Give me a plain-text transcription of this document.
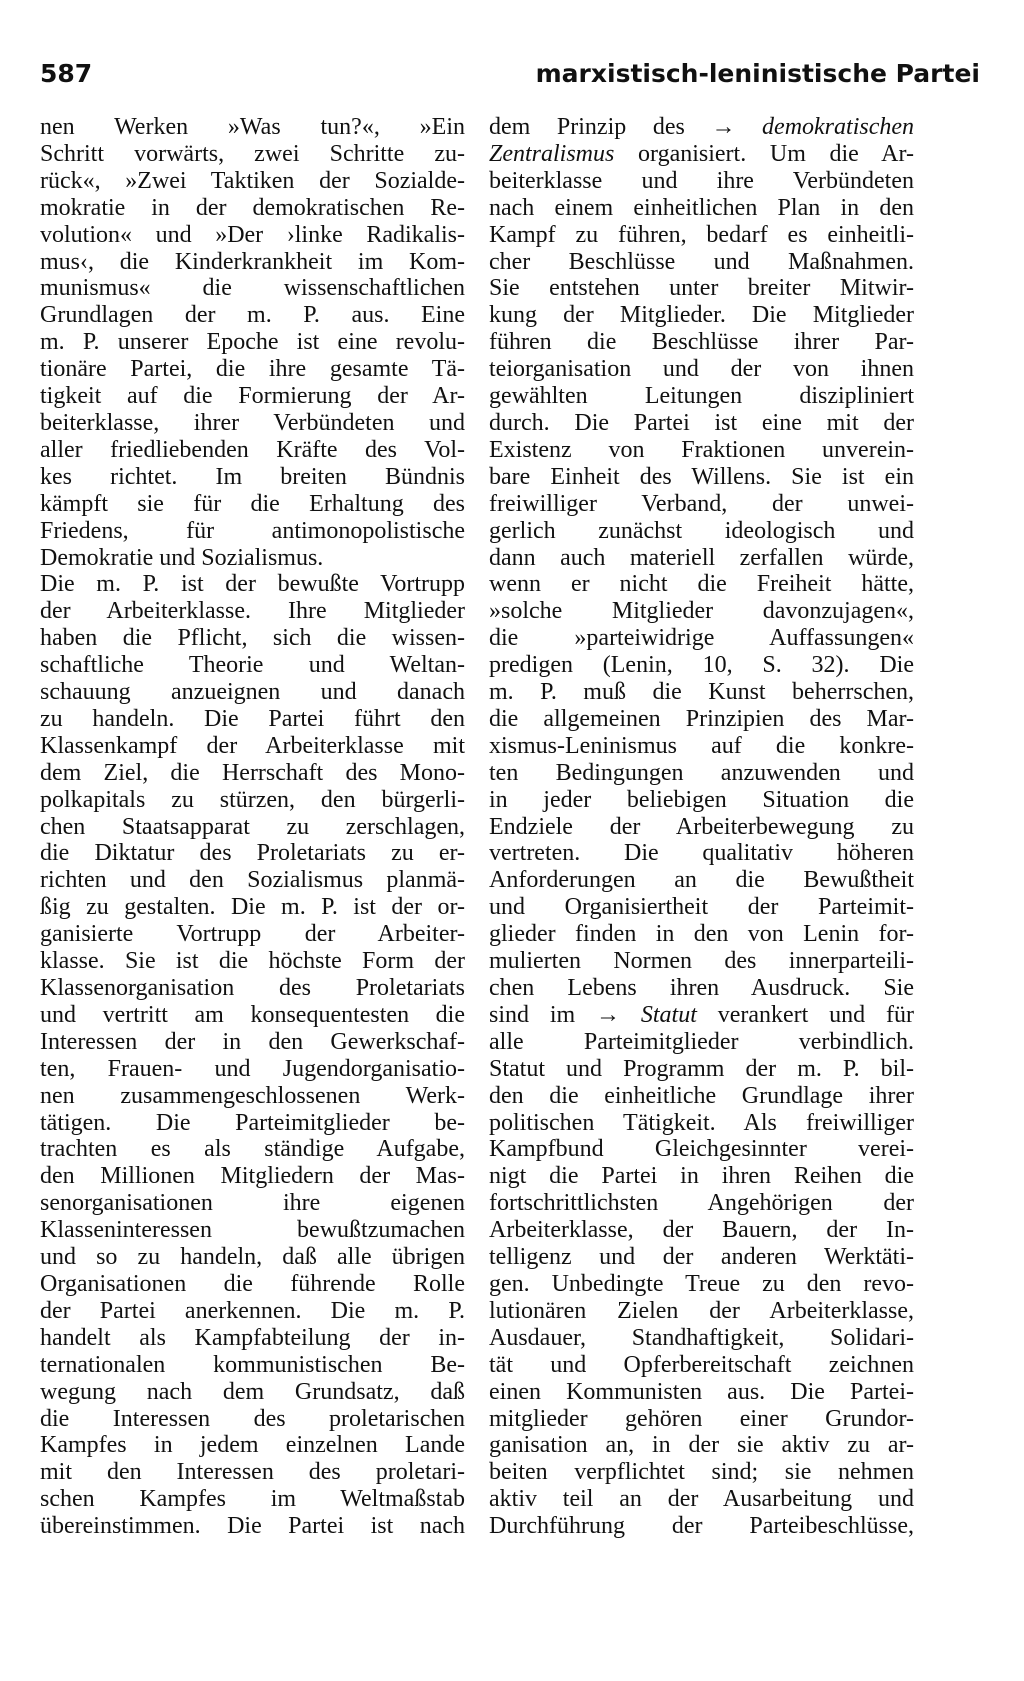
587	marxistisch-leninistische Partei
nen Werken »Was tun?«, »Ein
Schritt vorwärts, zwei Schritte zu-
rück«, »Zwei Taktiken der Sozialde-
mokratie in der demokratischen Re-
volution« und »Der ›linke Radikalis-
mus‹, die Kinderkrankheit im Kom-
munismus« die wissenschaftlichen
Grundlagen der m. P. aus. Eine
m. P. unserer Epoche ist eine revolu-
tionäre Partei, die ihre gesamte Tä-
tigkeit auf die Formierung der Ar-
beiterklasse, ihrer Verbündeten und
aller friedliebenden Kräfte des Vol-
kes richtet. Im breiten Bündnis
kämpft sie für die Erhaltung des
Friedens, für antimonopolistische
Demokratie und Sozialismus.
Die m. P. ist der bewußte Vortrupp
der Arbeiterklasse. Ihre Mitglieder
haben die Pflicht, sich die wissen-
schaftliche Theorie und Weltan-
schauung anzueignen und danach
zu handeln. Die Partei führt den
Klassenkampf der Arbeiterklasse mit
dem Ziel, die Herrschaft des Mono-
polkapitals zu stürzen, den bürgerli-
chen Staatsapparat zu zerschlagen,
die Diktatur des Proletariats zu er-
richten und den Sozialismus planmä-
ßig zu gestalten. Die m. P. ist der or-
ganisierte Vortrupp der Arbeiter-
klasse. Sie ist die höchste Form der
Klassenorganisation des Proletariats
und vertritt am konsequentesten die
Interessen der in den Gewerkschaf-
ten, Frauen- und Jugendorganisatio-
nen zusammengeschlossenen Werk-
tätigen. Die Parteimitglieder be-
trachten es als ständige Aufgabe,
den Millionen Mitgliedern der Mas-
senorganisationen ihre eigenen
Klasseninteressen bewußtzumachen
und so zu handeln, daß alle übrigen
Organisationen die führende Rolle
der Partei anerkennen. Die m. P.
handelt als Kampfabteilung der in-
ternationalen kommunistischen Be-
wegung nach dem Grundsatz, daß
die Interessen des proletarischen
Kampfes in jedem einzelnen Lande
mit den Interessen des proletari-
schen Kampfes im Weltmaßstab
übereinstimmen. Die Partei ist nach
dem Prinzip des → demokratischen
Zentralismus organisiert. Um die Ar-
beiterklasse und ihre Verbündeten
nach einem einheitlichen Plan in den
Kampf zu führen, bedarf es einheitli-
cher Beschlüsse und Maßnahmen.
Sie entstehen unter breiter Mitwir-
kung der Mitglieder. Die Mitglieder
führen die Beschlüsse ihrer Par-
teiorganisation und der von ihnen
gewählten Leitungen diszipliniert
durch. Die Partei ist eine mit der
Existenz von Fraktionen unverein-
bare Einheit des Willens. Sie ist ein
freiwilliger Verband, der unwei-
gerlich zunächst ideologisch und
dann auch materiell zerfallen würde,
wenn er nicht die Freiheit hätte,
»solche Mitglieder davonzujagen«,
die »parteiwidrige Auffassungen«
predigen (Lenin, 10, S. 32). Die
m. P. muß die Kunst beherrschen,
die allgemeinen Prinzipien des Mar-
xismus-Leninismus auf die konkre-
ten Bedingungen anzuwenden und
in jeder beliebigen Situation die
Endziele der Arbeiterbewegung zu
vertreten. Die qualitativ höheren
Anforderungen an die Bewußtheit
und Organisiertheit der Parteimit-
glieder finden in den von Lenin for-
mulierten Normen des innerparteili-
chen Lebens ihren Ausdruck. Sie
sind im → Statut verankert und für
alle Parteimitglieder verbindlich.
Statut und Programm der m. P. bil-
den die einheitliche Grundlage ihrer
politischen Tätigkeit. Als freiwilliger
Kampfbund Gleichgesinnter verei-
nigt die Partei in ihren Reihen die
fortschrittlichsten Angehörigen der
Arbeiterklasse, der Bauern, der In-
telligenz und der anderen Werktäti-
gen. Unbedingte Treue zu den revo-
lutionären Zielen der Arbeiterklasse,
Ausdauer, Standhaftigkeit, Solidari-
tät und Opferbereitschaft zeichnen
einen Kommunisten aus. Die Partei-
mitglieder gehören einer Grundor-
ganisation an, in der sie aktiv zu ar-
beiten verpflichtet sind; sie nehmen
aktiv teil an der Ausarbeitung und
Durchführung der Parteibeschlüsse,
